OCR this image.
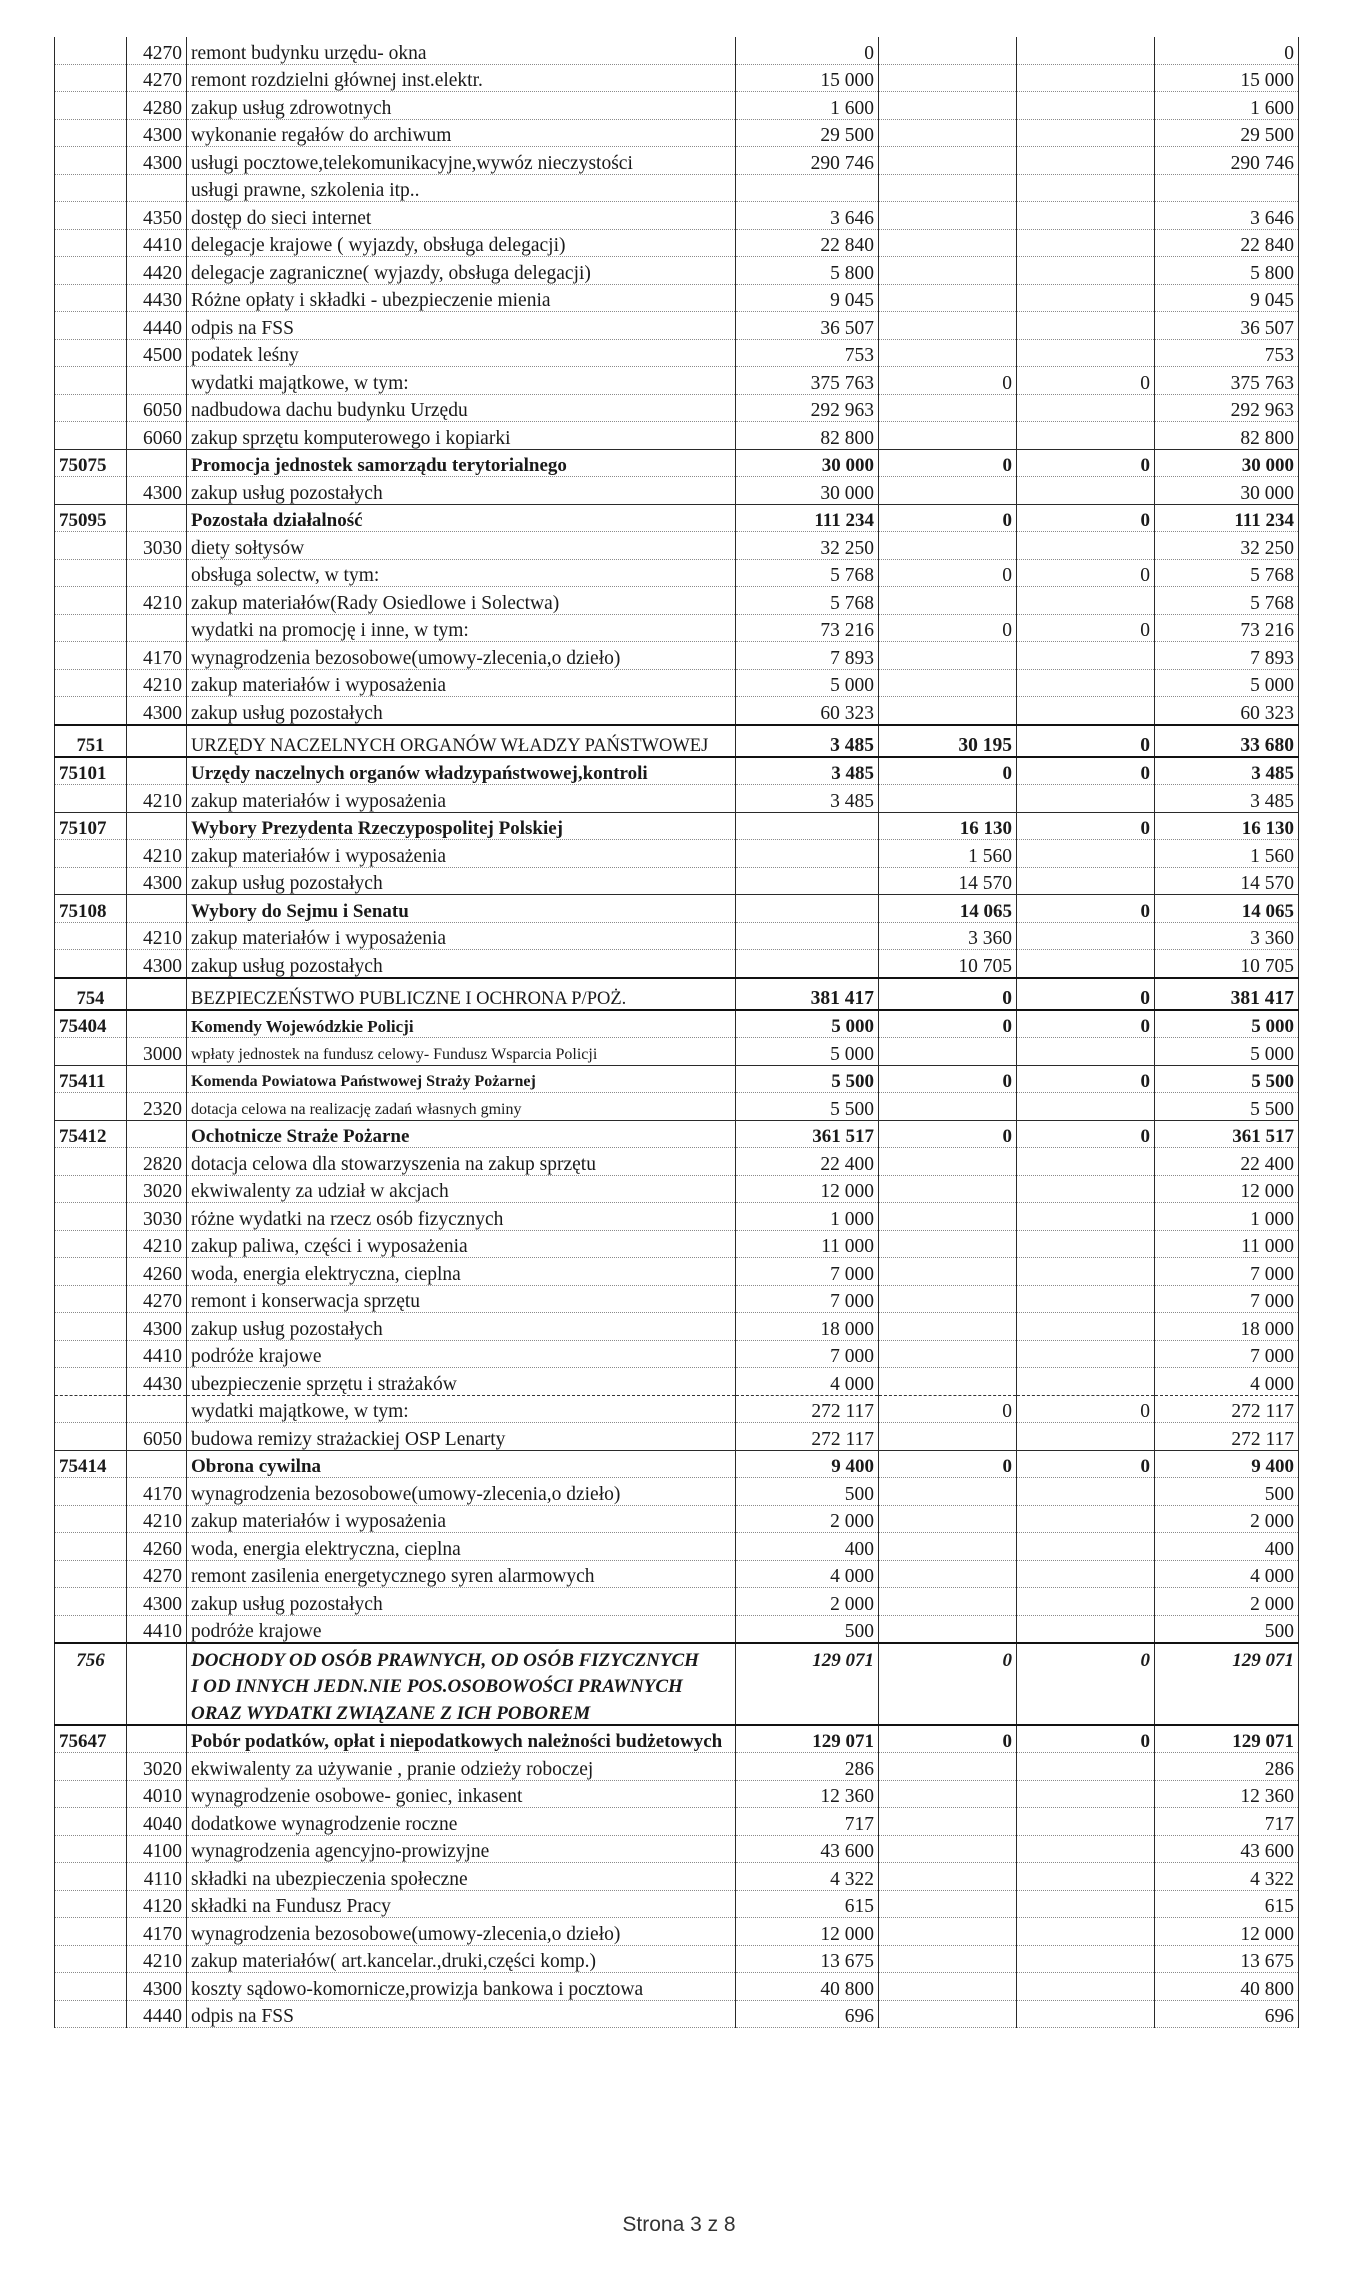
	4270	remont budynku urzędu- okna	0			0
	4270	remont rozdzielni głównej inst.elektr.	15 000			15 000
	4280	zakup usług zdrowotnych	1 600			1 600
	4300	wykonanie regałów do archiwum	29 500			29 500
	4300	usługi pocztowe,telekomunikacyjne,wywóz nieczystości	290 746			290 746
		usługi prawne, szkolenia itp..				
	4350	dostęp do sieci internet	3 646			3 646
	4410	delegacje krajowe ( wyjazdy, obsługa delegacji)	22 840			22 840
	4420	delegacje zagraniczne( wyjazdy, obsługa delegacji)	5 800			5 800
	4430	Różne opłaty i składki - ubezpieczenie mienia	9 045			9 045
	4440	odpis na FSS	36 507			36 507
	4500	podatek leśny	753			753
		wydatki majątkowe, w tym:	375 763	0	0	375 763
	6050	nadbudowa dachu budynku Urzędu	292 963			292 963
	6060	zakup sprzętu komputerowego i kopiarki	82 800			82 800
75075		Promocja jednostek samorządu terytorialnego	30 000	0	0	30 000
	4300	zakup usług pozostałych	30 000			30 000
75095		Pozostała działalność	111 234	0	0	111 234
	3030	diety sołtysów	32 250			32 250
		obsługa solectw, w tym:	5 768	0	0	5 768
	4210	zakup materiałów(Rady Osiedlowe i Solectwa)	5 768			5 768
		wydatki na promocję i inne, w tym:	73 216	0	0	73 216
	4170	wynagrodzenia bezosobowe(umowy-zlecenia,o dzieło)	7 893			7 893
	4210	zakup materiałów i wyposażenia	5 000			5 000
	4300	zakup usług pozostałych	60 323			60 323
751		URZĘDY NACZELNYCH ORGANÓW WŁADZY PAŃSTWOWEJ	3 485	30 195	0	33 680
75101		Urzędy naczelnych organów władzypaństwowej,kontroli	3 485	0	0	3 485
	4210	zakup materiałów i wyposażenia	3 485			3 485
75107		Wybory Prezydenta Rzeczypospolitej Polskiej		16 130	0	16 130
	4210	zakup materiałów i wyposażenia		1 560		1 560
	4300	zakup usług pozostałych		14 570		14 570
75108		Wybory do Sejmu i Senatu		14 065	0	14 065
	4210	zakup materiałów i wyposażenia		3 360		3 360
	4300	zakup usług pozostałych		10 705		10 705
754		BEZPIECZEŃSTWO PUBLICZNE I OCHRONA P/POŻ.	381 417	0	0	381 417
75404		Komendy Wojewódzkie Policji	5 000	0	0	5 000
	3000	wpłaty jednostek na fundusz celowy- Fundusz Wsparcia Policji	5 000			5 000
75411		Komenda Powiatowa Państwowej Straży Pożarnej	5 500	0	0	5 500
	2320	dotacja celowa na realizację zadań własnych gminy	5 500			5 500
75412		Ochotnicze Straże Pożarne	361 517	0	0	361 517
	2820	dotacja celowa dla stowarzyszenia na zakup sprzętu	22 400			22 400
	3020	ekwiwalenty za udział w akcjach	12 000			12 000
	3030	różne wydatki na rzecz osób fizycznych	1 000			1 000
	4210	zakup paliwa, części i wyposażenia	11 000			11 000
	4260	woda, energia elektryczna, cieplna	7 000			7 000
	4270	remont i konserwacja sprzętu	7 000			7 000
	4300	zakup usług pozostałych	18 000			18 000
	4410	podróże krajowe	7 000			7 000
	4430	ubezpieczenie sprzętu i strażaków	4 000			4 000
		wydatki majątkowe, w tym:	272 117	0	0	272 117
	6050	budowa remizy strażackiej OSP Lenarty	272 117			272 117
75414		Obrona cywilna	9 400	0	0	9 400
	4170	wynagrodzenia bezosobowe(umowy-zlecenia,o dzieło)	500			500
	4210	zakup materiałów i wyposażenia	2 000			2 000
	4260	woda, energia elektryczna, cieplna	400			400
	4270	remont zasilenia energetycznego syren alarmowych	4 000			4 000
	4300	zakup usług pozostałych	2 000			2 000
	4410	podróże krajowe	500			500
756		DOCHODY OD OSÓB PRAWNYCH, OD OSÓB FIZYCZNYCH	129 071	0	0	129 071
		I OD INNYCH JEDN.NIE POS.OSOBOWOŚCI PRAWNYCH				
		ORAZ WYDATKI ZWIĄZANE Z ICH POBOREM				
75647		Pobór podatków, opłat i niepodatkowych należności budżetowych	129 071	0	0	129 071
	3020	ekwiwalenty za używanie , pranie odzieży roboczej	286			286
	4010	wynagrodzenie osobowe- goniec, inkasent	12 360			12 360
	4040	dodatkowe wynagrodzenie roczne	717			717
	4100	wynagrodzenia agencyjno-prowizyjne	43 600			43 600
	4110	składki na ubezpieczenia społeczne	4 322			4 322
	4120	składki na Fundusz Pracy	615			615
	4170	wynagrodzenia bezosobowe(umowy-zlecenia,o dzieło)	12 000			12 000
	4210	zakup materiałów( art.kancelar.,druki,części komp.)	13 675			13 675
	4300	koszty sądowo-komornicze,prowizja bankowa i pocztowa	40 800			40 800
	4440	odpis na FSS	696			696
Strona 3 z 8
